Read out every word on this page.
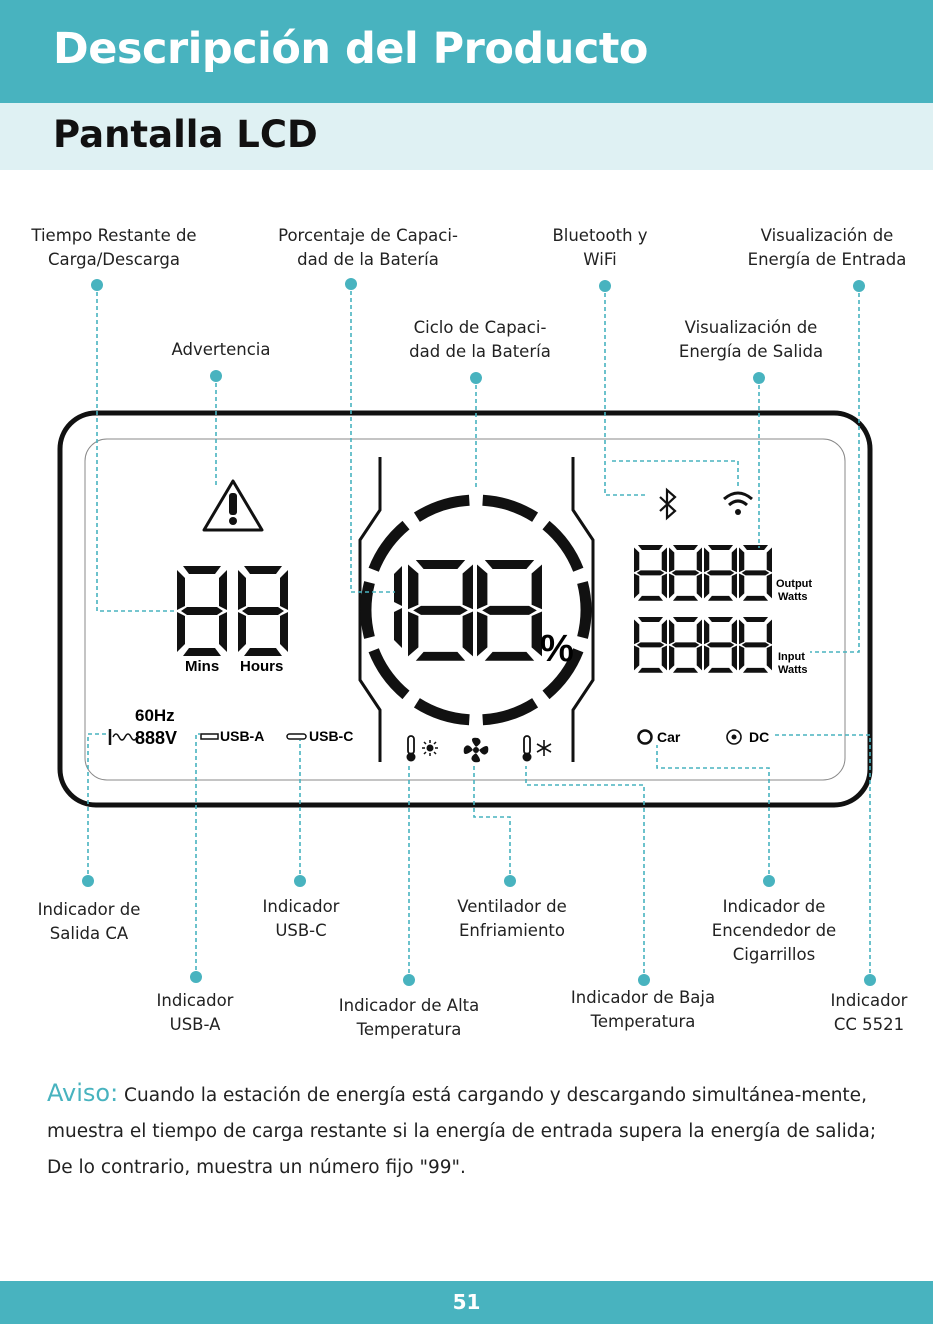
Descripción del Producto
Pantalla LCD
Tiempo Restante de
Carga/Descarga
Porcentaje de Capaci-
dad de la Batería
Bluetooth y
WiFi
Visualización de
Energía de Entrada
Advertencia
Ciclo de Capaci-
dad de la Batería
Visualización de
Energía de Salida
Indicador de
Salida CA
Indicador
USB-C
Ventilador de
Enfriamiento
Indicador de
Encendedor de
Cigarrillos
Indicador
USB-A
Indicador de Alta
Temperatura
Indicador de Baja
Temperatura
Indicador
CC 5521
Mins Hours	%
Output
Watts
Input
Watts
60Hz
888V	USB-A	USB-C	Car	DC
Aviso: Cuando la estación de energía está cargando y descargando simultánea-mente, muestra el tiempo de carga restante si la energía de entrada supera la energía de salida; De lo contrario, muestra un número fijo "99".
51
